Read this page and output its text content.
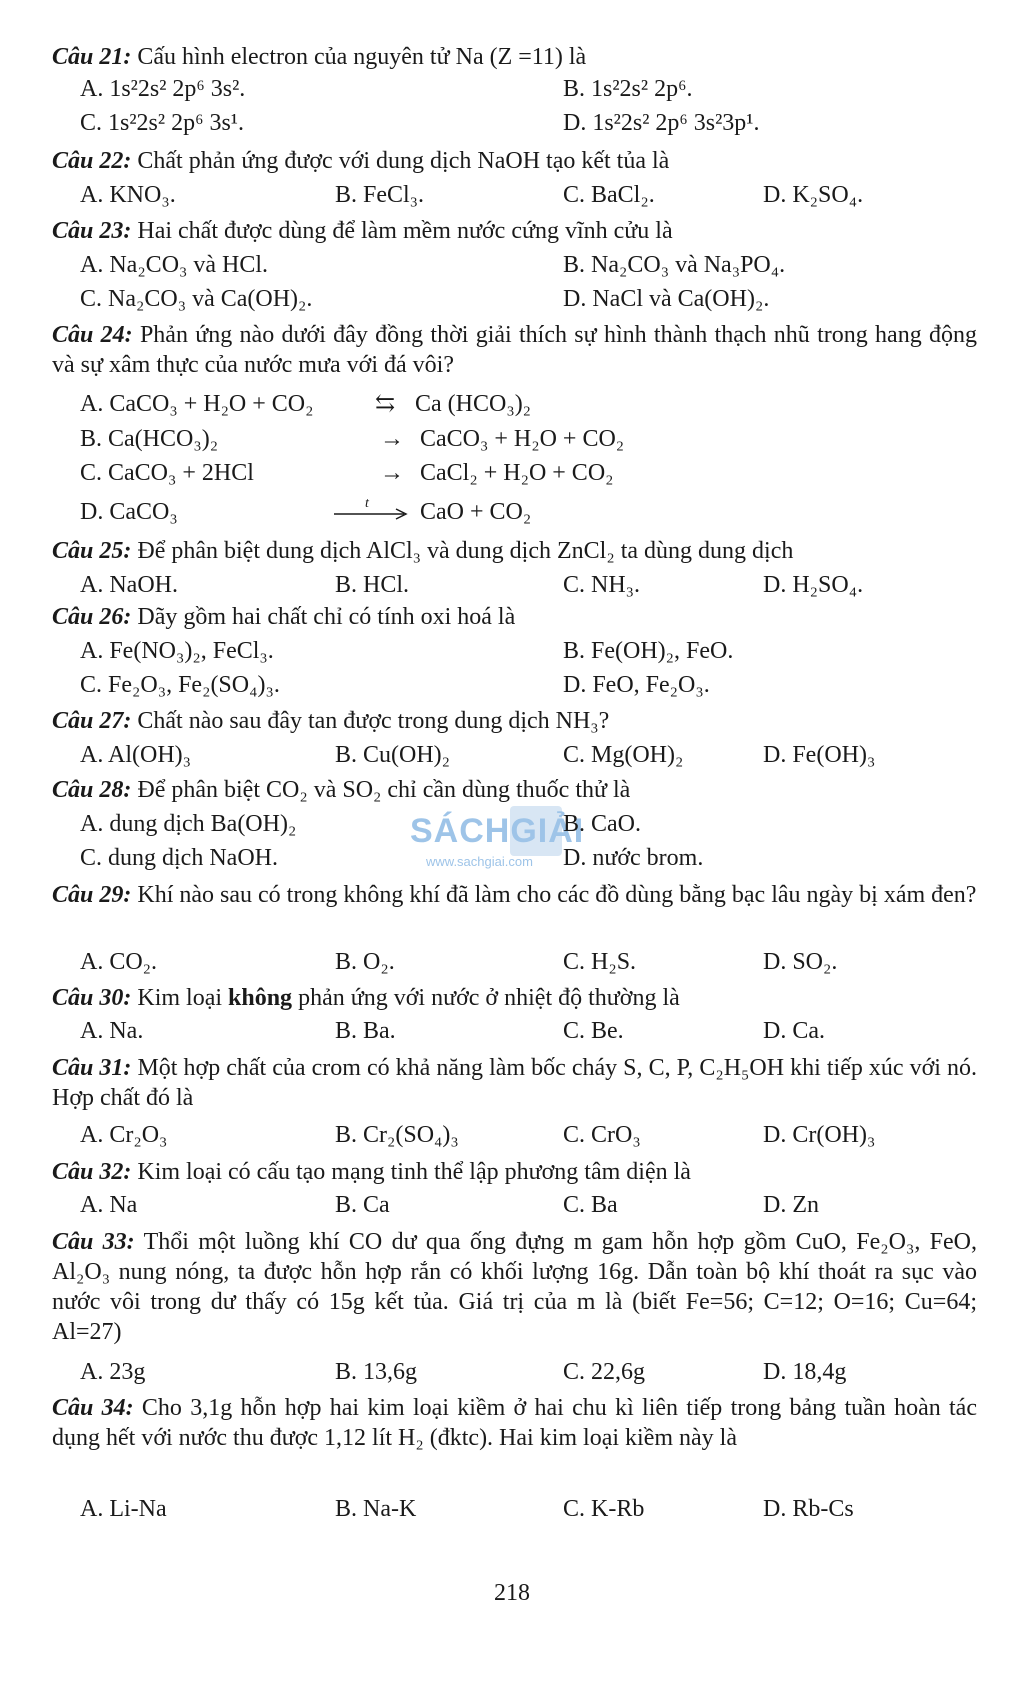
Câu 21: Cấu hình electron của nguyên tử Na (Z =11) là
A. 1s²2s² 2p⁶ 3s².	B. 1s²2s² 2p⁶.
C. 1s²2s² 2p⁶ 3s¹.	D. 1s²2s² 2p⁶ 3s²3p¹.
Câu 22: Chất phản ứng được với dung dịch NaOH tạo kết tủa là
A. KNO₃.	B. FeCl₃.	C. BaCl₂.	D. K₂SO₄.
Câu 23: Hai chất được dùng để làm mềm nước cứng vĩnh cửu là
A. Na₂CO₃ và HCl.	B. Na₂CO₃ và Na₃PO₄.
C. Na₂CO₃ và Ca(OH)₂.	D. NaCl và Ca(OH)₂.
Câu 24: Phản ứng nào dưới đây đồng thời giải thích sự hình thành thạch nhũ trong hang động và sự xâm thực của nước mưa với đá vôi?
A. CaCO₃ + H₂O + CO₂	⇆ Ca (HCO₃)₂
B. Ca(HCO₃)₂	→ CaCO₃ + H₂O + CO₂
C. CaCO₃ + 2HCl	→ CaCl₂ + H₂O + CO₂
D. CaCO₃	t CaO + CO₂
Câu 25: Để phân biệt dung dịch AlCl₃ và dung dịch ZnCl₂ ta dùng dung dịch
A. NaOH.	B. HCl.	C. NH₃.	D. H₂SO₄.
Câu 26: Dãy gồm hai chất chỉ có tính oxi hoá là
A. Fe(NO₃)₂, FeCl₃.	B. Fe(OH)₂, FeO.
C. Fe₂O₃, Fe₂(SO₄)₃.	D. FeO, Fe₂O₃.
Câu 27: Chất nào sau đây tan được trong dung dịch NH₃?
A. Al(OH)₃	B. Cu(OH)₂	C. Mg(OH)₂	D. Fe(OH)₃
Câu 28: Để phân biệt CO₂ và SO₂ chỉ cần dùng thuốc thử là
SÁCHGIẢI
www.sachgiai.com
A. dung dịch Ba(OH)₂	B. CaO.
C. dung dịch NaOH.	D. nước brom.
Câu 29: Khí nào sau có trong không khí đã làm cho các đồ dùng bằng bạc lâu ngày bị xám đen?
A. CO₂.	B. O₂.	C. H₂S.	D. SO₂.
Câu 30: Kim loại không phản ứng với nước ở nhiệt độ thường là
A. Na.	B. Ba.	C. Be.	D. Ca.
Câu 31: Một hợp chất của crom có khả năng làm bốc cháy S, C, P, C₂H₅OH khi tiếp xúc với nó. Hợp chất đó là
A. Cr₂O₃	B. Cr₂(SO₄)₃	C. CrO₃	D. Cr(OH)₃
Câu 32: Kim loại có cấu tạo mạng tinh thể lập phương tâm diện là
A. Na	B. Ca	C. Ba	D. Zn
Câu 33: Thổi một luồng khí CO dư qua ống đựng m gam hỗn hợp gồm CuO, Fe₂O₃, FeO, Al₂O₃ nung nóng, ta được hỗn hợp rắn có khối lượng 16g. Dẫn toàn bộ khí thoát ra sục vào nước vôi trong dư thấy có 15g kết tủa. Giá trị của m là (biết Fe=56; C=12; O=16; Cu=64; Al=27)
A. 23g	B. 13,6g	C. 22,6g	D. 18,4g
Câu 34: Cho 3,1g hỗn hợp hai kim loại kiềm ở hai chu kì liên tiếp trong bảng tuần hoàn tác dụng hết với nước thu được 1,12 lít H₂ (đktc). Hai kim loại kiềm này là
A. Li-Na	B. Na-K	C. K-Rb	D. Rb-Cs
218
